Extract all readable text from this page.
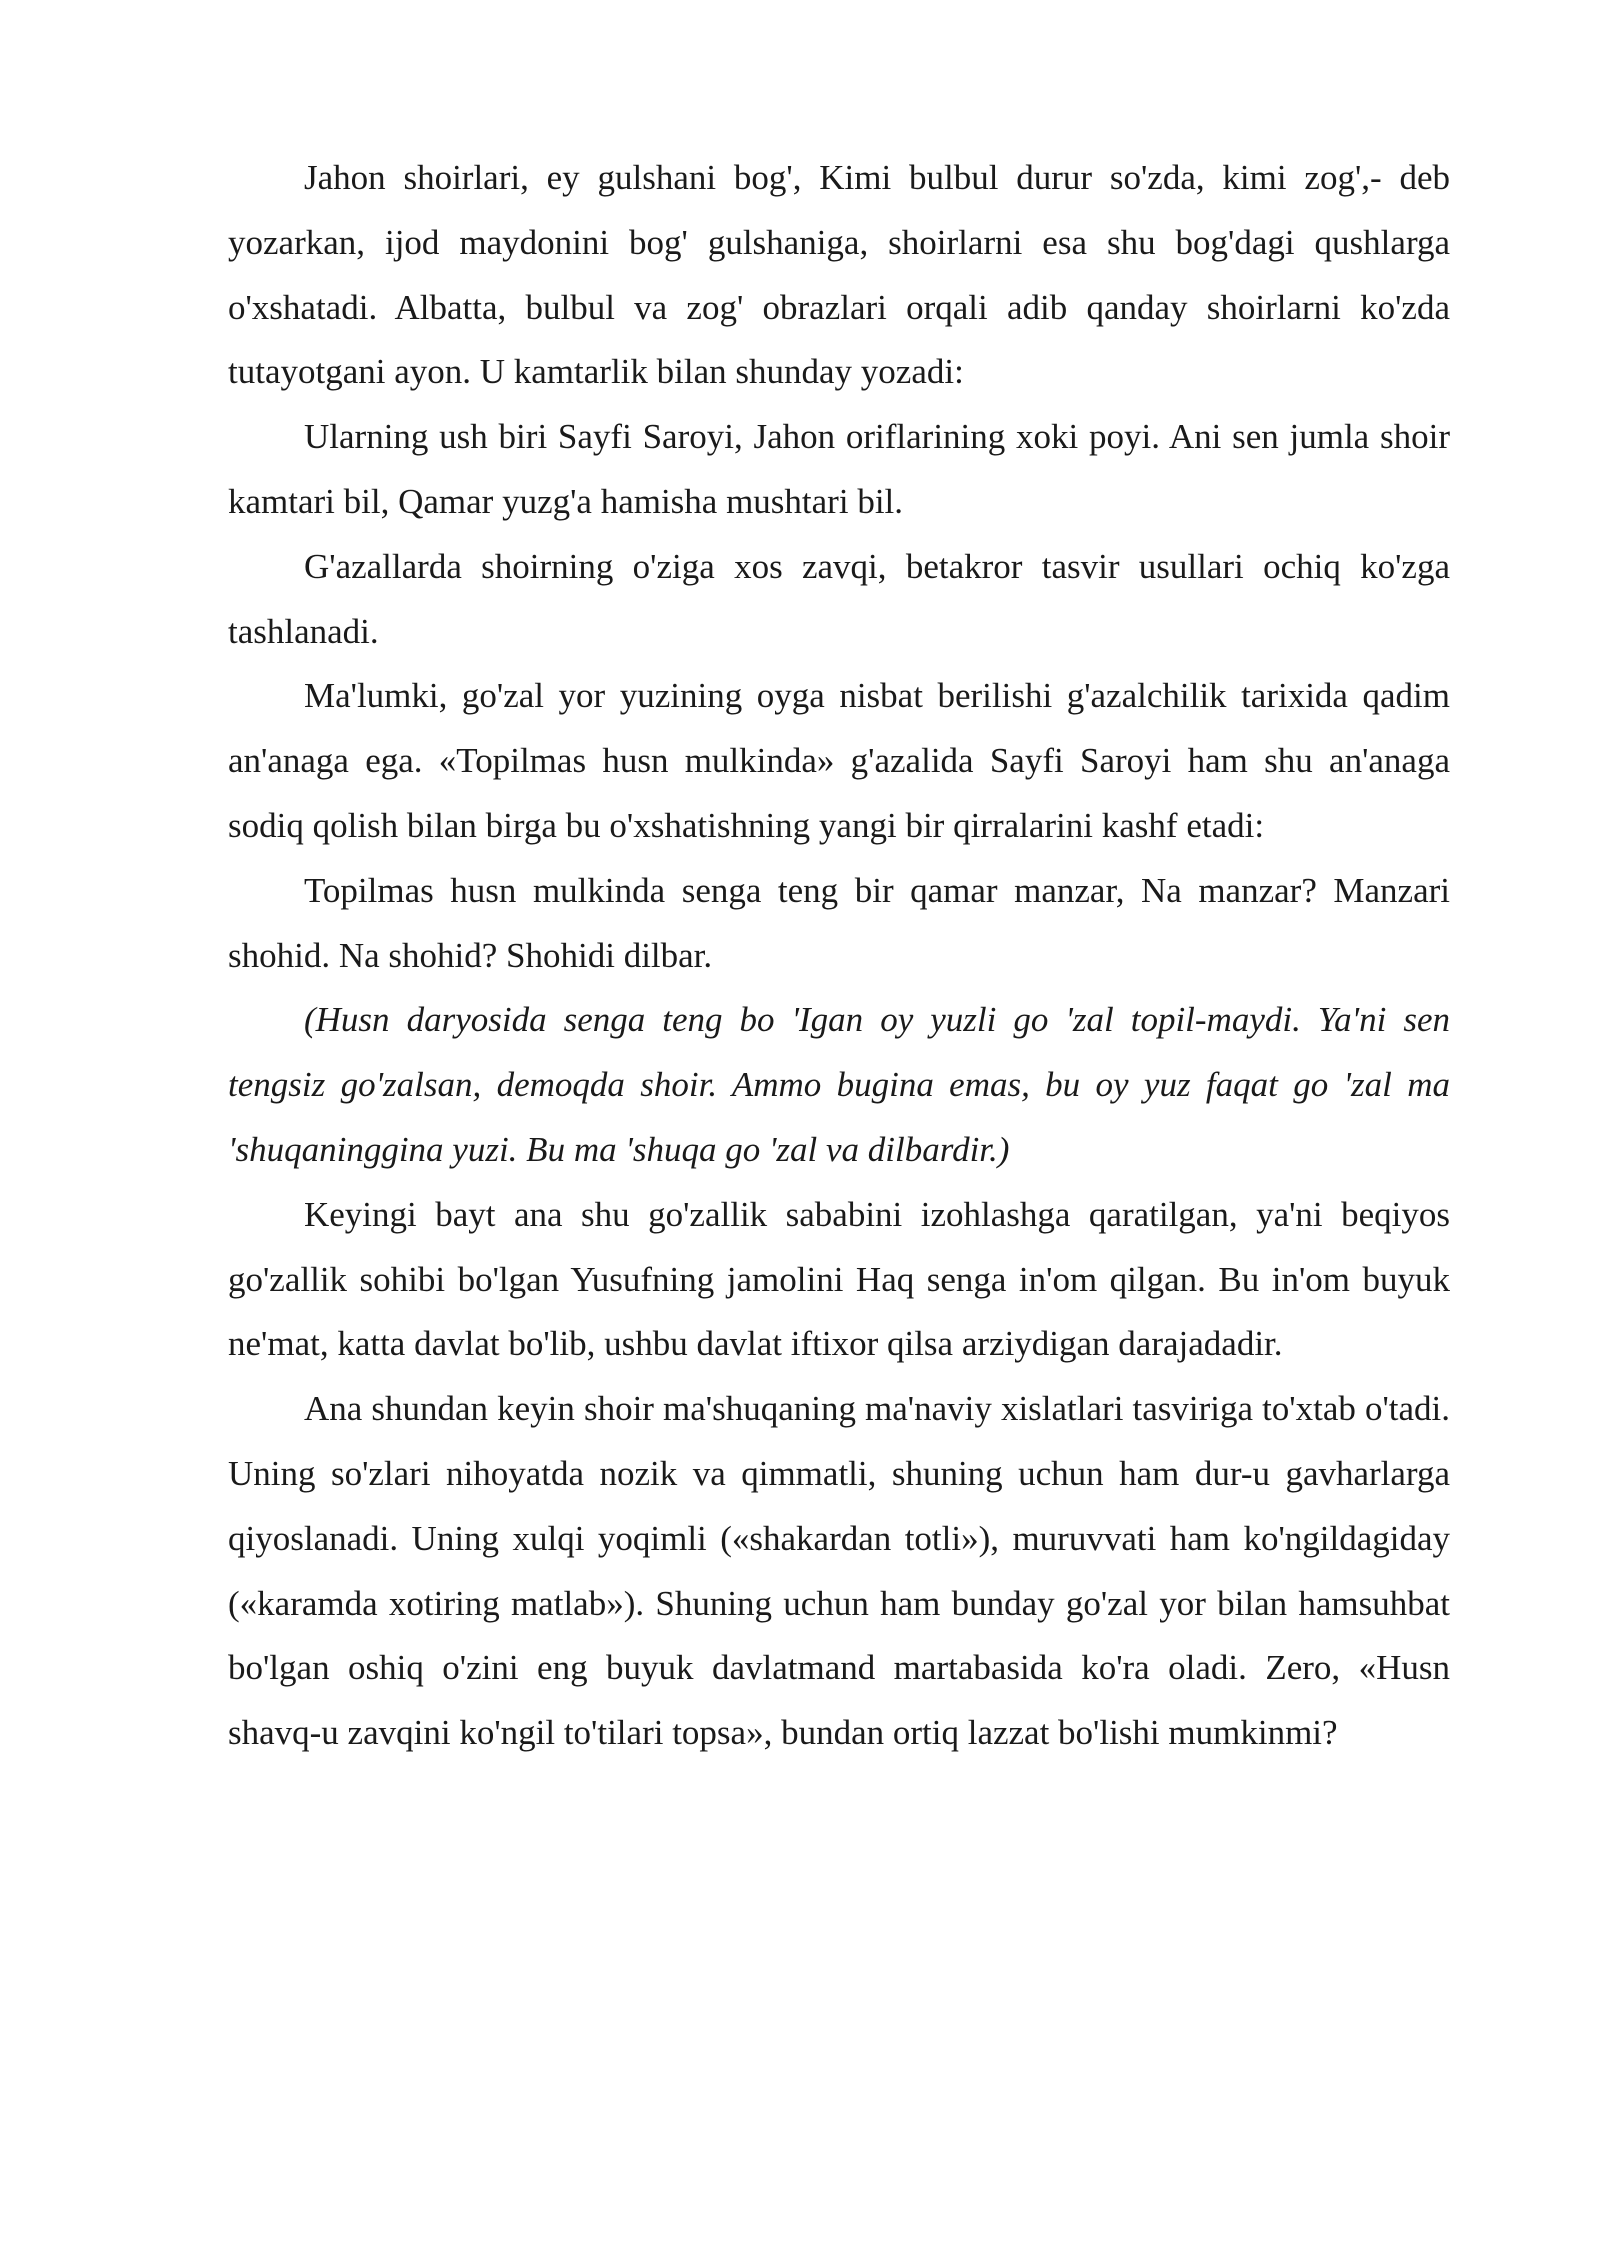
Jahon shoirlari, ey gulshani bog', Kimi bulbul durur so'zda, kimi zog',- deb yozarkan, ijod maydonini bog' gulshaniga, shoirlarni esa shu bog'dagi qushlarga o'xshatadi. Albatta, bulbul va zog' obrazlari orqali adib qanday shoirlarni ko'zda tutayotgani ayon. U kamtarlik bilan shunday yozadi:

Ularning ush biri Sayfi Saroyi, Jahon oriflarining xoki poyi. Ani sen jumla shoir kamtari bil, Qamar yuzg'a hamisha mushtari bil.

G'azallarda shoirning o'ziga xos zavqi, betakror tasvir usullari ochiq ko'zga tashlanadi.

Ma'lumki, go'zal yor yuzining oyga nisbat berilishi g'azalchilik tarixida qadim an'anaga ega. «Topilmas husn mulkinda» g'azalida Sayfi Saroyi ham shu an'anaga sodiq qolish bilan birga bu o'xshatishning yangi bir qirralarini kashf etadi:

Topilmas husn mulkinda senga teng bir qamar manzar, Na manzar? Manzari shohid. Na shohid? Shohidi dilbar.

(Husn daryosida senga teng bo 'Igan oy yuzli go 'zal topil-maydi. Ya'ni sen tengsiz go'zalsan, demoqda shoir. Ammo bugina emas, bu oy yuz faqat go 'zal ma 'shuqaninggina yuzi. Bu ma 'shuqa go 'zal va dilbardir.)

Keyingi bayt ana shu go'zallik sababini izohlashga qaratilgan, ya'ni beqiyos go'zallik sohibi bo'lgan Yusufning jamolini Haq senga in'om qilgan. Bu in'om buyuk ne'mat, katta davlat bo'lib, ushbu davlat iftixor qilsa arziydigan darajadadir.

Ana shundan keyin shoir ma'shuqaning ma'naviy xislatlari tasviriga to'xtab o'tadi. Uning so'zlari nihoyatda nozik va qimmatli, shuning uchun ham dur-u gavharlarga qiyoslanadi. Uning xulqi yoqimli («shakardan totli»), muruvvati ham ko'ngildagiday («karamda xotiring matlab»). Shuning uchun ham bunday go'zal yor bilan hamsuhbat bo'lgan oshiq o'zini eng buyuk davlatmand martabasida ko'ra oladi. Zero, «Husn shavq-u zavqini ko'ngil to'tilari topsa», bundan ortiq lazzat bo'lishi mumkinmi?
